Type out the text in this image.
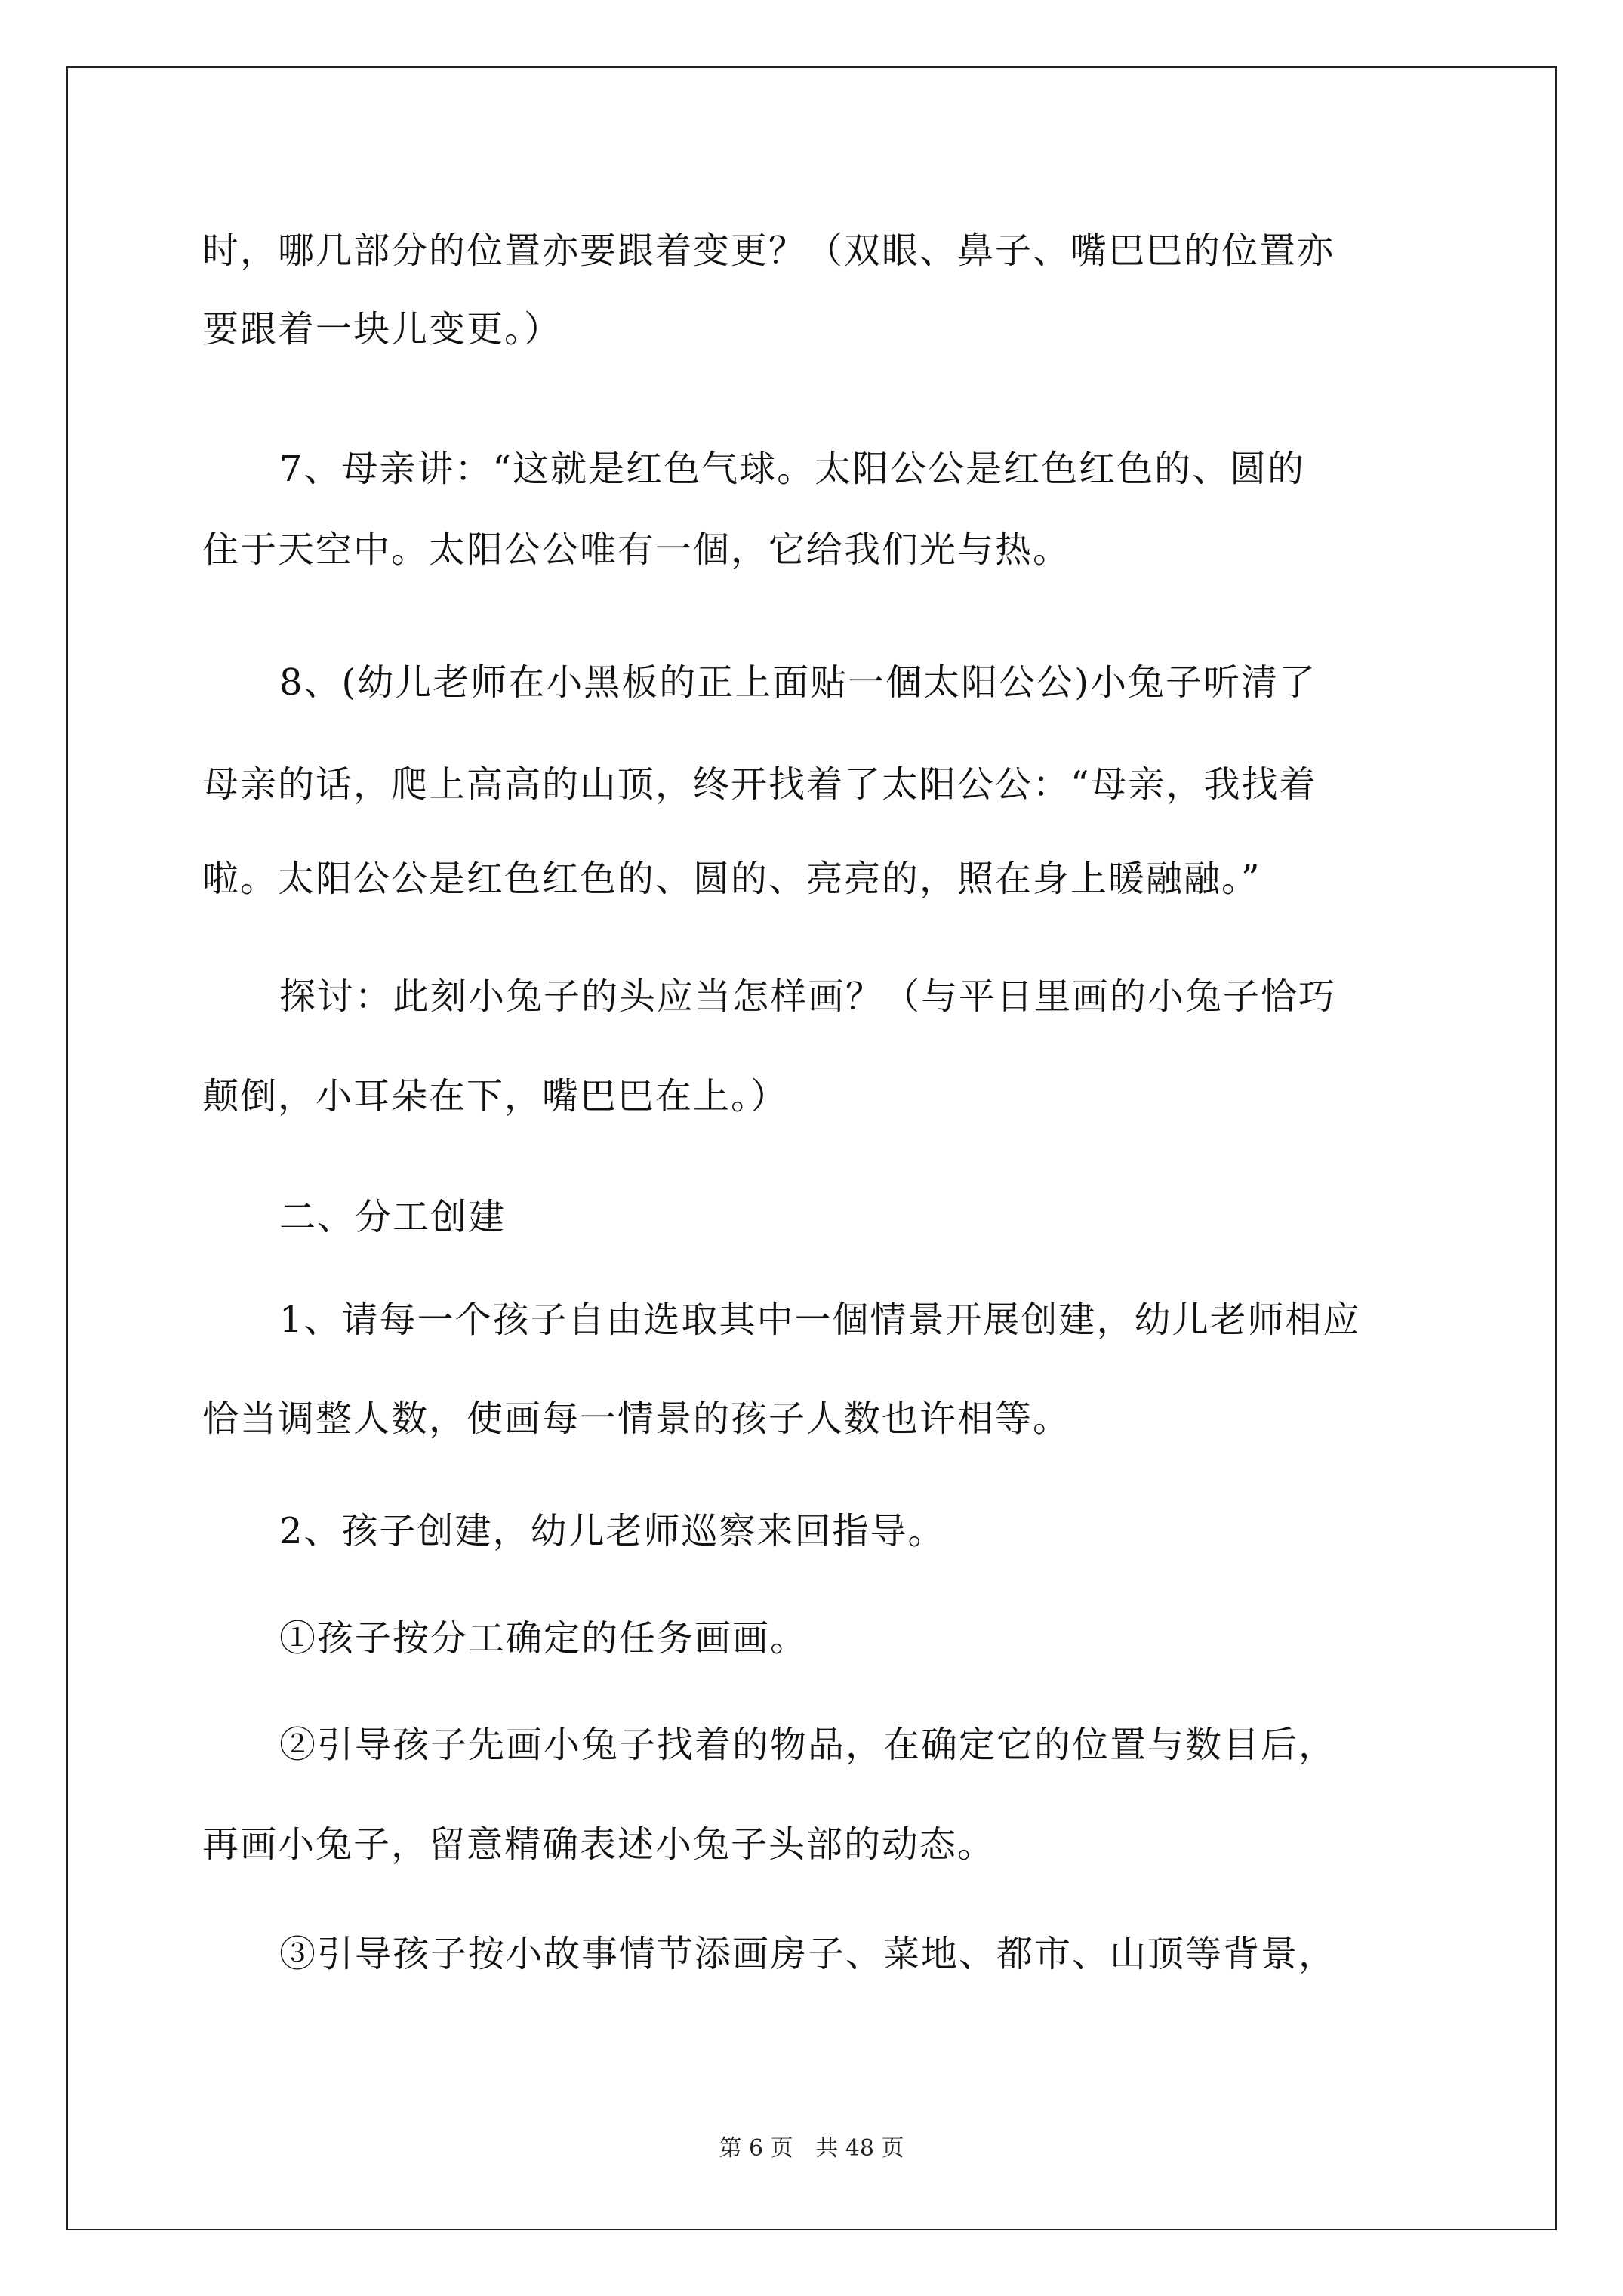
时，哪几部分的位置亦要跟着变更？（双眼、鼻子、嘴巴巴的位置亦
要跟着一块儿变更。）
7、母亲讲：“这就是红色气球。太阳公公是红色红色的、圆的
住于天空中。太阳公公唯有一個，它给我们光与热。
8、(幼儿老师在小黑板的正上面贴一個太阳公公)小兔子听清了
母亲的话，爬上高高的山顶，终开找着了太阳公公：“母亲，我找着
啦。太阳公公是红色红色的、圆的、亮亮的，照在身上暖融融。”
探讨：此刻小兔子的头应当怎样画？（与平日里画的小兔子恰巧
颠倒，小耳朵在下，嘴巴巴在上。）
二、分工创建
1、请每一个孩子自由选取其中一個情景开展创建，幼儿老师相应
恰当调整人数，使画每一情景的孩子人数也许相等。
2、孩子创建，幼儿老师巡察来回指导。
①孩子按分工确定的任务画画。
②引导孩子先画小兔子找着的物品，在确定它的位置与数目后，
再画小兔子，留意精确表述小兔子头部的动态。
③引导孩子按小故事情节添画房子、菜地、都市、山顶等背景，
第 6 页 共 48 页
